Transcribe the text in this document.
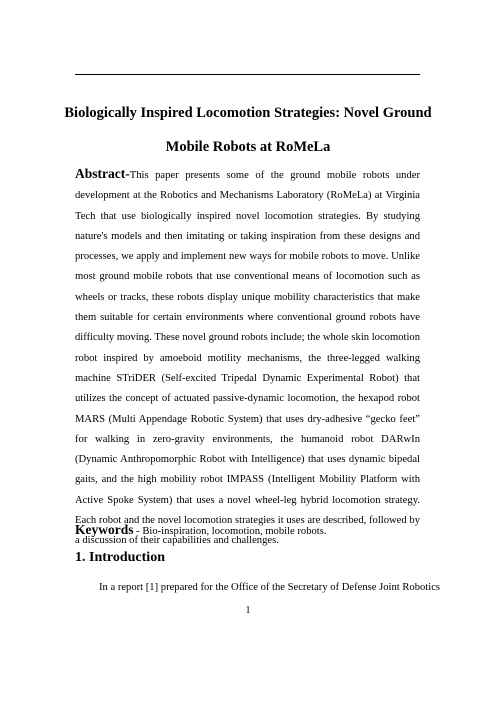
Biologically Inspired Locomotion Strategies: Novel Ground Mobile Robots at RoMeLa

Abstract-This paper presents some of the ground mobile robots under development at the Robotics and Mechanisms Laboratory (RoMeLa) at Virginia Tech that use biologically inspired novel locomotion strategies. By studying nature's models and then imitating or taking inspiration from these designs and processes, we apply and implement new ways for mobile robots to move. Unlike most ground mobile robots that use conventional means of locomotion such as wheels or tracks, these robots display unique mobility characteristics that make them suitable for certain environments where conventional ground robots have difficulty moving. These novel ground robots include; the whole skin locomotion robot inspired by amoeboid motility mechanisms, the three-legged walking machine STriDER (Self-excited Tripedal Dynamic Experimental Robot) that utilizes the concept of actuated passive-dynamic locomotion, the hexapod robot MARS (Multi Appendage Robotic System) that uses dry-adhesive “gecko feet” for walking in zero-gravity environments, the humanoid robot DARwIn (Dynamic Anthropomorphic Robot with Intelligence) that uses dynamic bipedal gaits, and the high mobility robot IMPASS (Intelligent Mobility Platform with Active Spoke System) that uses a novel wheel-leg hybrid locomotion strategy. Each robot and the novel locomotion strategies it uses are described, followed by a discussion of their capabilities and challenges.

Keywords - Bio-inspiration, locomotion, mobile robots.

1. Introduction

In a report [1] prepared for the Office of the Secretary of Defense Joint Robotics

1
